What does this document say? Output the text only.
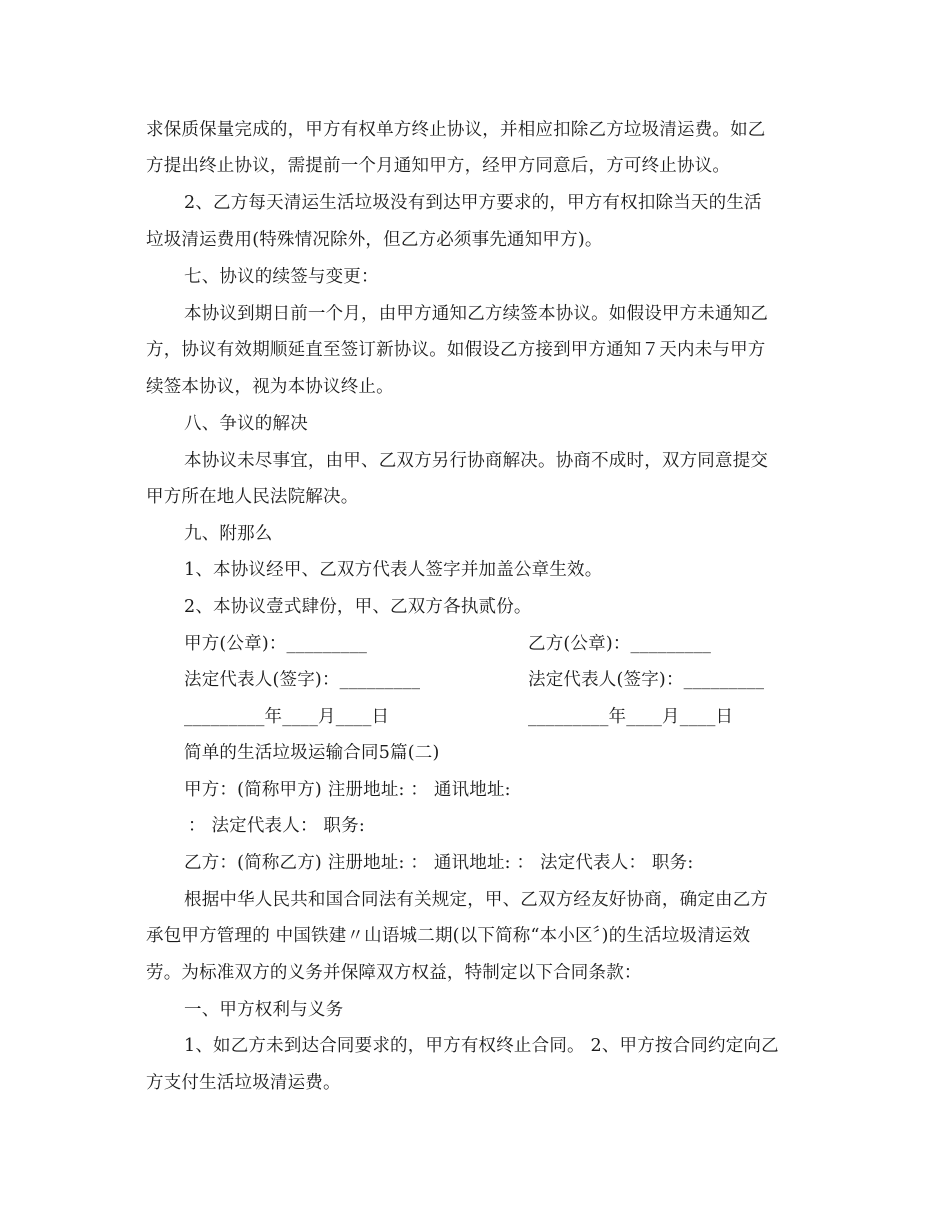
求保质保量完成的，甲方有权单方终止协议，并相应扣除乙方垃圾清运费。如乙
方提出终止协议，需提前一个月通知甲方，经甲方同意后，方可终止协议。
2、乙方每天清运生活垃圾没有到达甲方要求的，甲方有权扣除当天的生活
垃圾清运费用(特殊情况除外，但乙方必须事先通知甲方)。
七、协议的续签与变更：
本协议到期日前一个月，由甲方通知乙方续签本协议。如假设甲方未通知乙
方，协议有效期顺延直至签订新协议。如假设乙方接到甲方通知７天内未与甲方
续签本协议，视为本协议终止。
八、争议的解决
本协议未尽事宜，由甲、乙双方另行协商解决。协商不成时，双方同意提交
甲方所在地人民法院解决。
九、附那么
1、本协议经甲、乙双方代表人签字并加盖公章生效。
2、本协议壹式肆份，甲、乙双方各执贰份。
甲方(公章)：_________	乙方(公章)：_________
法定代表人(签字)：_________	法定代表人(签字)：_________
_________年____月____日	_________年____月____日
简单的生活垃圾运输合同5篇(二)
甲方：(简称甲方) 注册地址: ： 通讯地址:
： 法定代表人： 职务:
乙方：(简称乙方) 注册地址: ： 通讯地址: ： 法定代表人： 职务:
根据中华人民共和国合同法有关规定，甲、乙双方经友好协商，确定由乙方
承包甲方管理的 中国铁建〃山语城二期(以下简称“本小区〞)的生活垃圾清运效
劳。为标准双方的义务并保障双方权益，特制定以下合同条款：
一、甲方权利与义务
1、如乙方未到达合同要求的，甲方有权终止合同。 2、甲方按合同约定向乙
方支付生活垃圾清运费。
